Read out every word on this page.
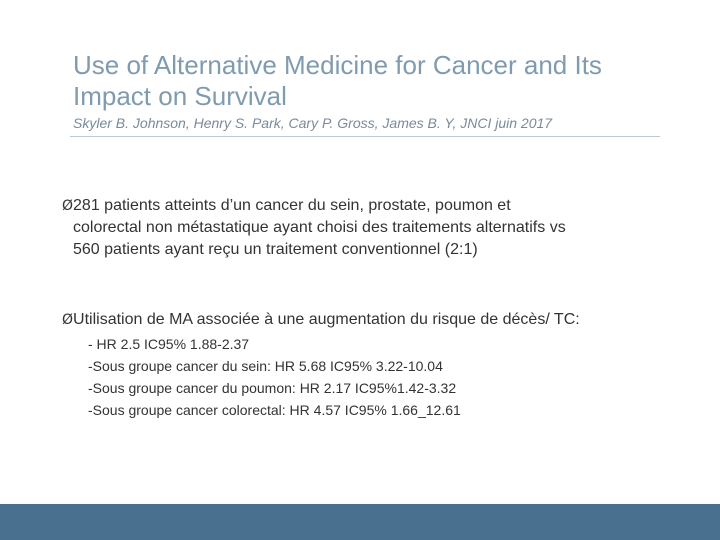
Use of Alternative Medicine for Cancer and Its
Impact on Survival
Skyler B. Johnson, Henry S. Park, Cary P. Gross, James B. Y, JNCI juin 2017
Ø281 patients atteints d’un cancer du sein, prostate, poumon et
colorectal non métastatique ayant choisi des traitements alternatifs vs
560 patients ayant reçu un traitement conventionnel (2:1)
ØUtilisation de MA associée à une augmentation du risque de décès/ TC:
- HR 2.5 IC95% 1.88-2.37
-Sous groupe cancer du sein: HR 5.68 IC95% 3.22-10.04
-Sous groupe cancer du poumon: HR 2.17 IC95%1.42-3.32
-Sous groupe cancer colorectal: HR 4.57 IC95% 1.66_12.61
